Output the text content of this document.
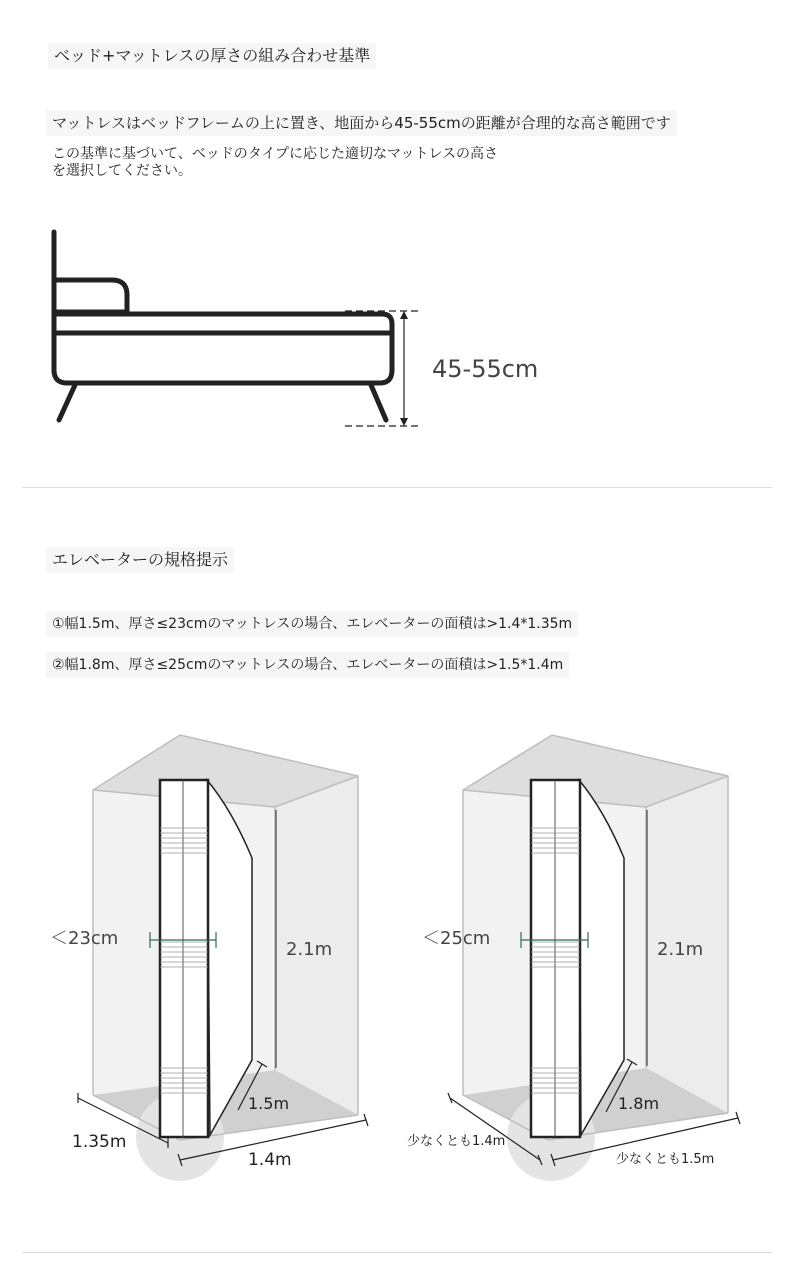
ベッド+マットレスの厚さの組み合わせ基準
マットレスはベッドフレームの上に置き、地面から45-55cmの距離が合理的な高さ範囲です
この基準に基づいて、ベッドのタイプに応じた適切なマットレスの高さ
を選択してください。
45-55cm
エレベーターの規格提示
①幅1.5m、厚さ≤23cmのマットレスの場合、エレベーターの面積は>1.4*1.35m
②幅1.8m、厚さ≤25cmのマットレスの場合、エレベーターの面積は>1.5*1.4m
＜23cm
2.1m
1.5m
1.35m
1.4m
＜25cm
2.1m
1.8m
少なくとも1.4m
少なくとも1.5m
